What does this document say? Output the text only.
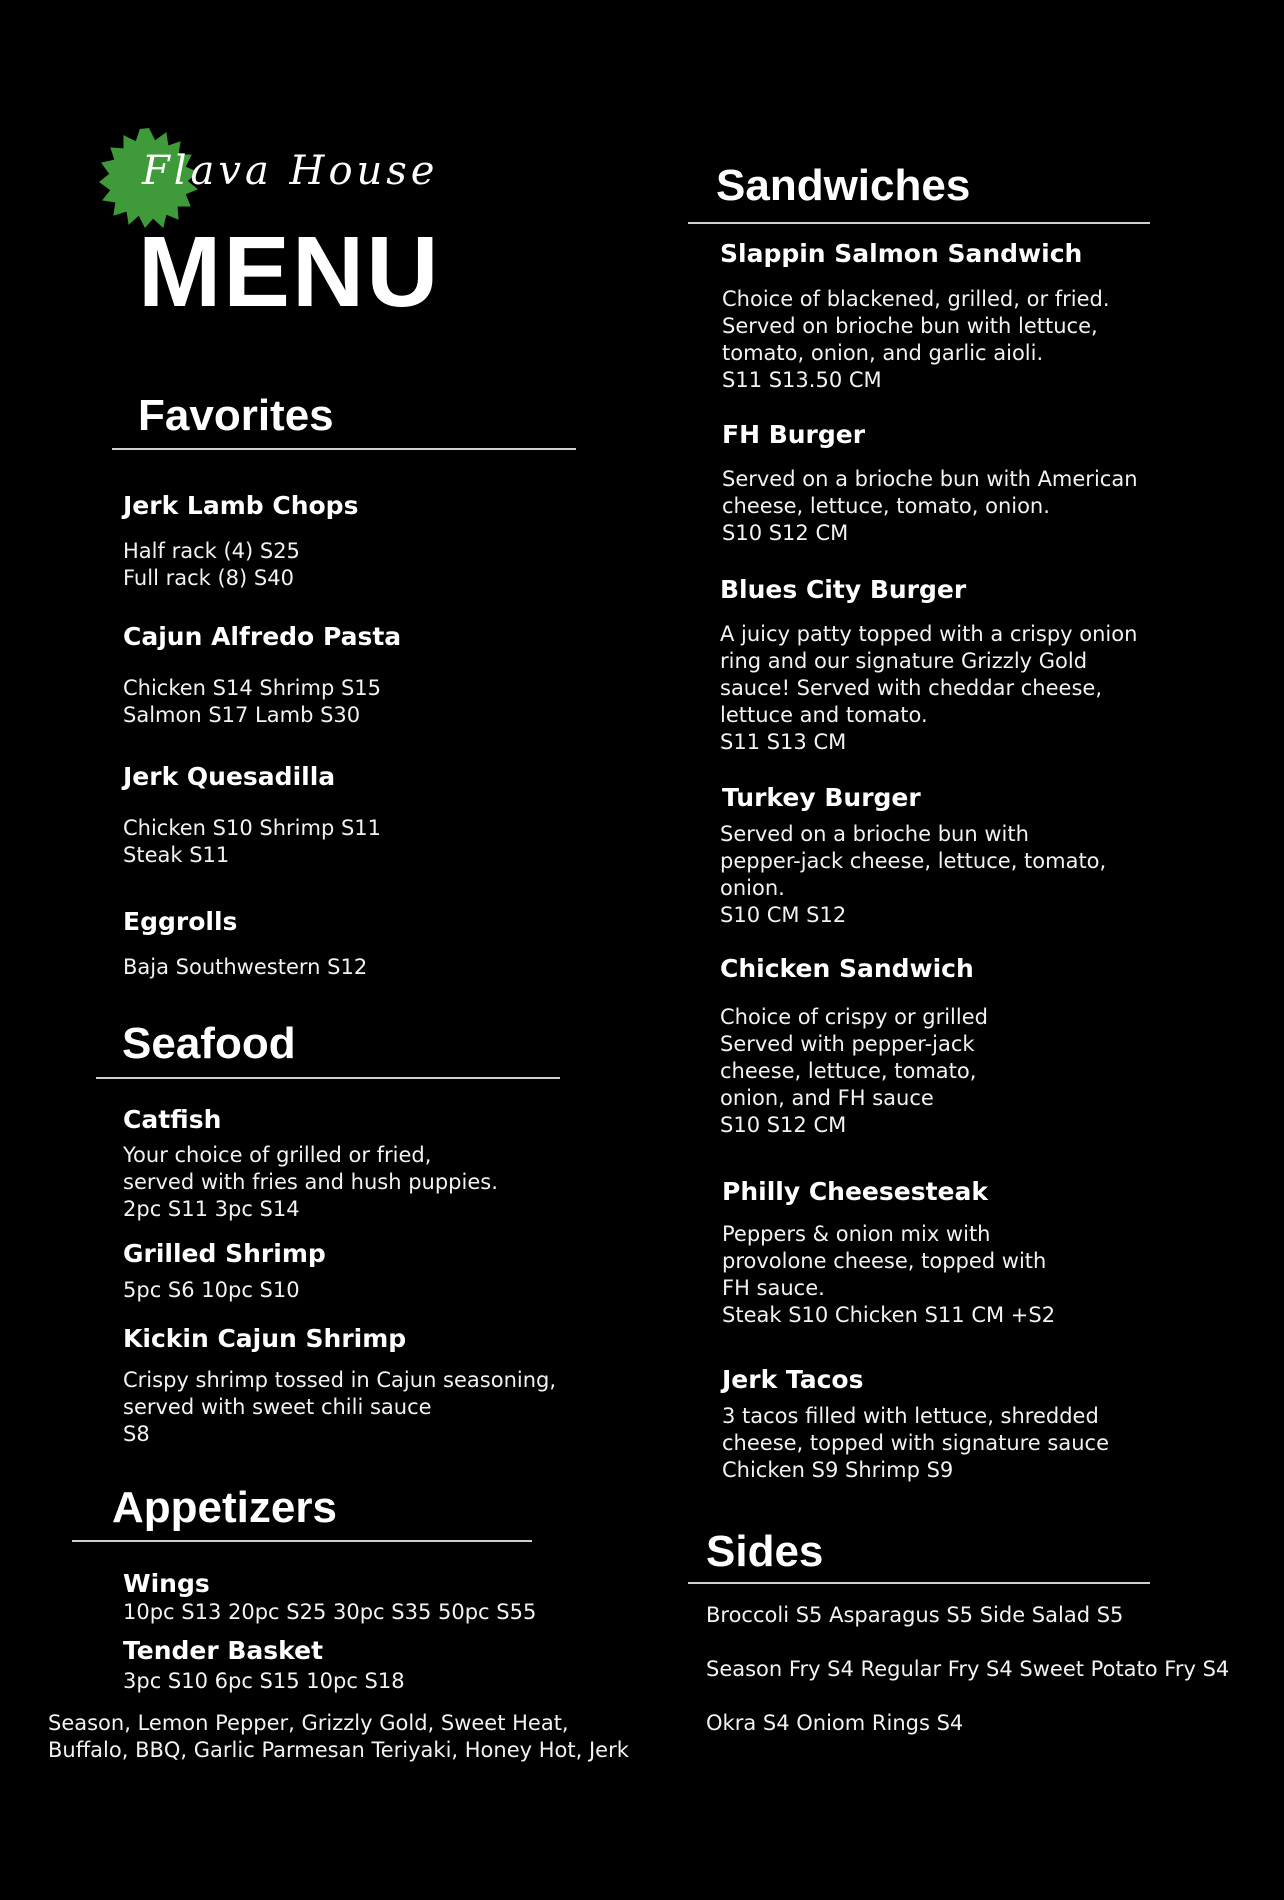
Flava House
MENU
Favorites
Jerk Lamb Chops
Half rack (4) S25
Full rack (8) S40
Cajun Alfredo Pasta
Chicken S14 Shrimp S15
Salmon S17 Lamb S30
Jerk Quesadilla
Chicken S10 Shrimp S11
Steak S11
Eggrolls
Baja Southwestern S12
Seafood
Catfish
Your choice of grilled or fried,
served with fries and hush puppies.
2pc S11 3pc S14
Grilled Shrimp
5pc S6 10pc S10
Kickin Cajun Shrimp
Crispy shrimp tossed in Cajun seasoning,
served with sweet chili sauce
S8
Appetizers
Wings
10pc S13 20pc S25 30pc S35 50pc S55
Tender Basket
3pc S10 6pc S15 10pc S18
Season, Lemon Pepper, Grizzly Gold, Sweet Heat,
Buffalo, BBQ, Garlic Parmesan Teriyaki, Honey Hot, Jerk
Sandwiches
Slappin Salmon Sandwich
Choice of blackened, grilled, or fried.
Served on brioche bun with lettuce,
tomato, onion, and garlic aioli.
S11 S13.50 CM
FH Burger
Served on a brioche bun with American
cheese, lettuce, tomato, onion.
S10 S12 CM
Blues City Burger
A juicy patty topped with a crispy onion
ring and our signature Grizzly Gold
sauce! Served with cheddar cheese,
lettuce and tomato.
S11 S13 CM
Turkey Burger
Served on a brioche bun with
pepper-jack cheese, lettuce, tomato,
onion.
S10 CM S12
Chicken Sandwich
Choice of crispy or grilled
Served with pepper-jack
cheese, lettuce, tomato,
onion, and FH sauce
S10 S12 CM
Philly Cheesesteak
Peppers & onion mix with
provolone cheese, topped with
FH sauce.
Steak S10 Chicken S11 CM +S2
Jerk Tacos
3 tacos filled with lettuce, shredded
cheese, topped with signature sauce
Chicken S9 Shrimp S9
Sides
Broccoli S5 Asparagus S5 Side Salad S5
Season Fry S4 Regular Fry S4 Sweet Potato Fry S4
Okra S4 Oniom Rings S4
